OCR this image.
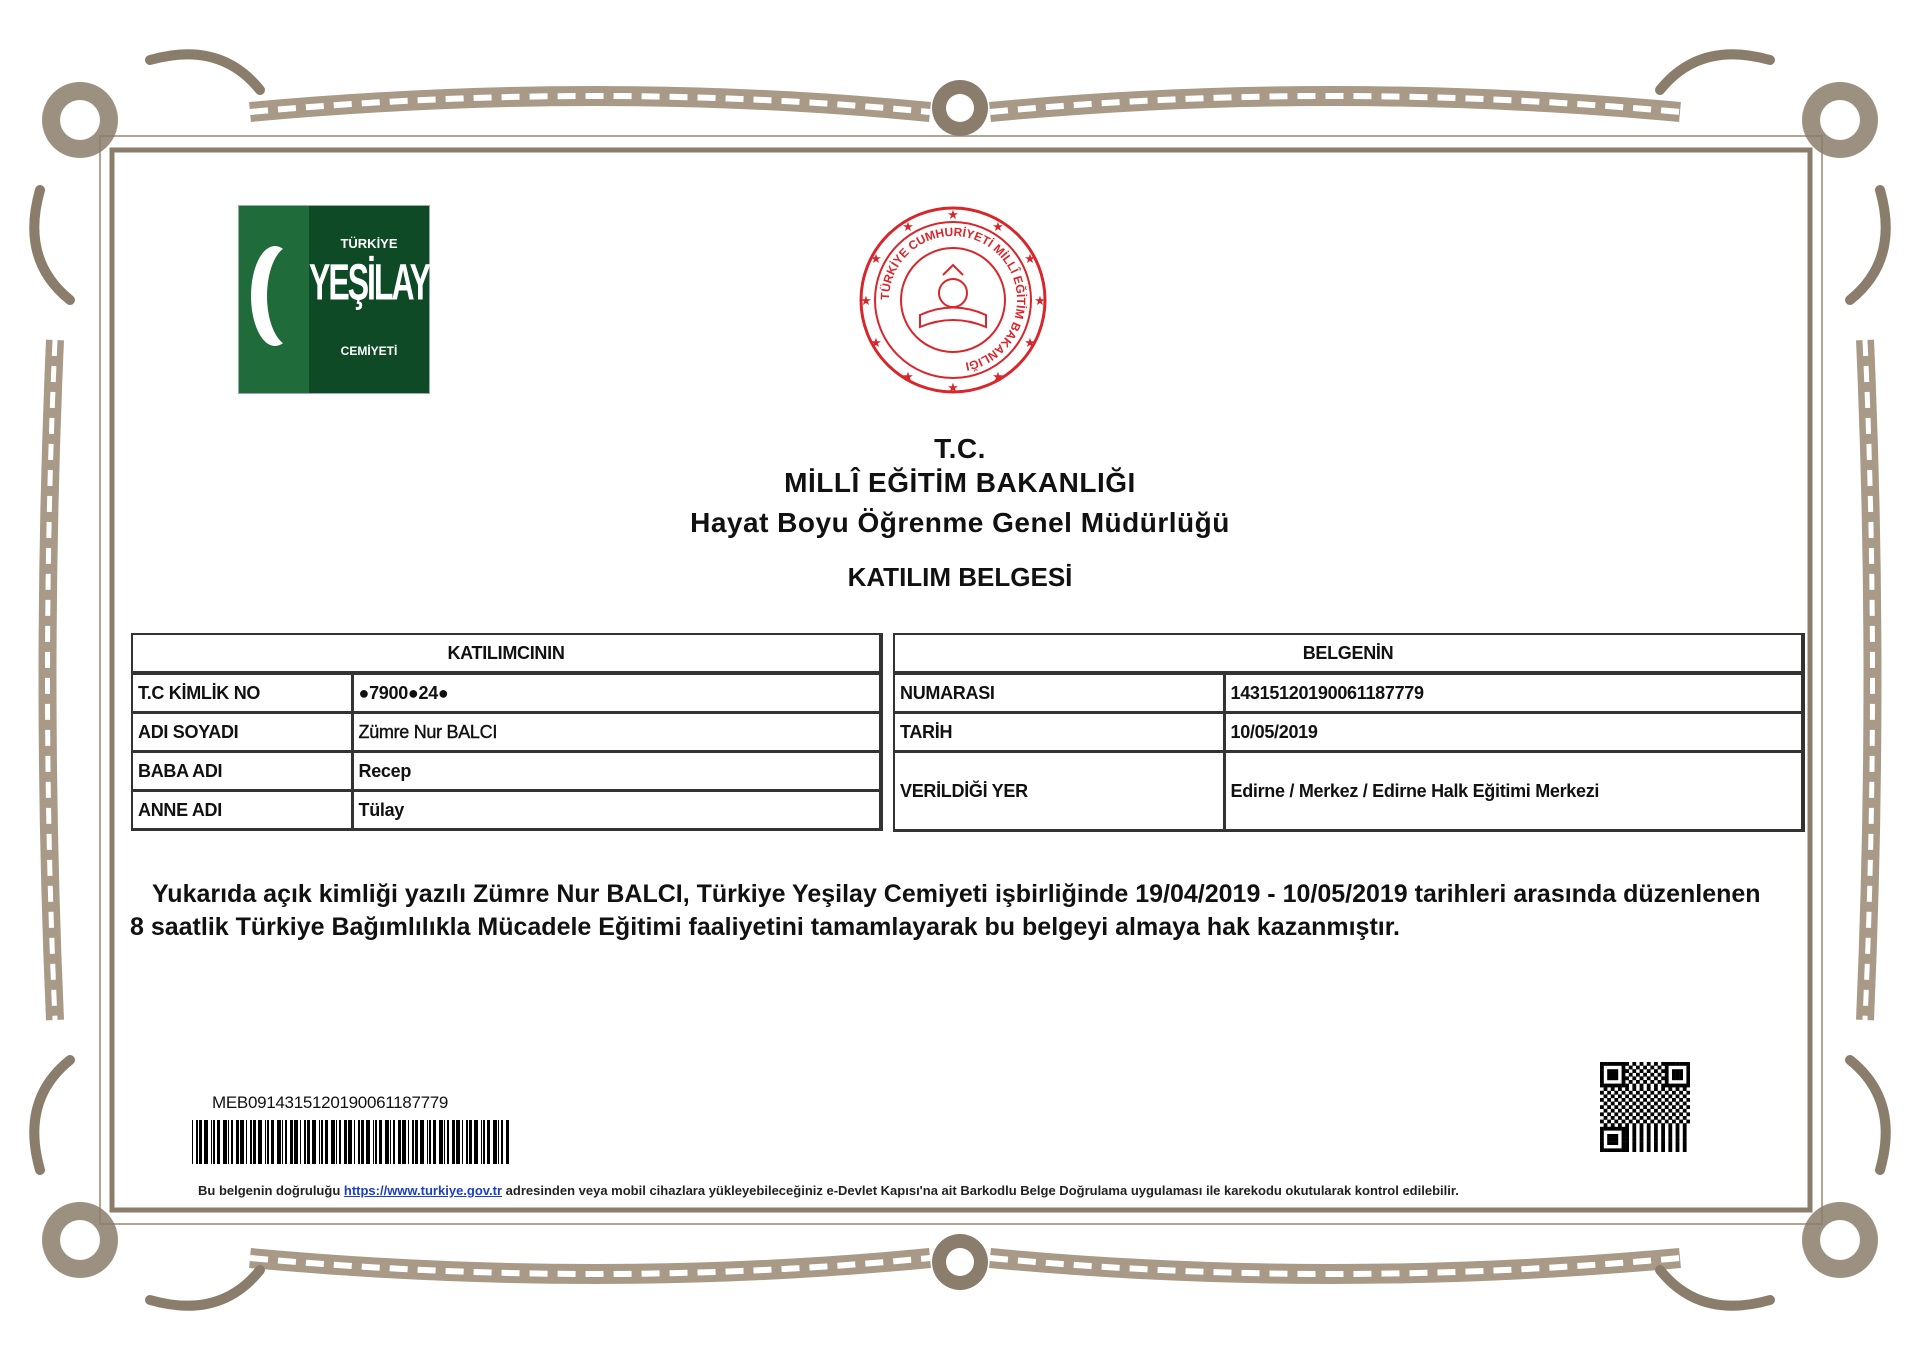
TÜRKİYE
YEŞİLAY
CEMİYETİ
TÜRKİYE CUMHURİYETİ MİLLÎ EĞİTİM BAKANLIĞI
★
★
★
★
★
★
★
★
★
★
★
★
T.C.
MİLLÎ EĞİTİM BAKANLIĞI
Hayat Boyu Öğrenme Genel Müdürlüğü
KATILIM BELGESİ
KATILIMCININ	
T.C KİMLİK NO	●7900●24●
ADI SOYADI	Zümre Nur BALCI
BABA ADI	Recep
ANNE ADI	Tülay
BELGENİN	
NUMARASI	14315120190061187779
TARİH	10/05/2019
VERİLDİĞİ YER	Edirne / Merkez / Edirne Halk Eğitimi Merkezi
Yukarıda açık kimliği yazılı Zümre Nur BALCI, Türkiye Yeşilay Cemiyeti işbirliğinde 19/04/2019 - 10/05/2019 tarihleri arasında düzenlenen 8 saatlik Türkiye Bağımlılıkla Mücadele Eğitimi faaliyetini tamamlayarak bu belgeyi almaya hak kazanmıştır.
MEB0914315120190061187779
Bu belgenin doğruluğu https://www.turkiye.gov.tr adresinden veya mobil cihazlara yükleyebileceğiniz e-Devlet Kapısı'na ait Barkodlu Belge Doğrulama uygulaması ile karekodu okutularak kontrol edilebilir.
